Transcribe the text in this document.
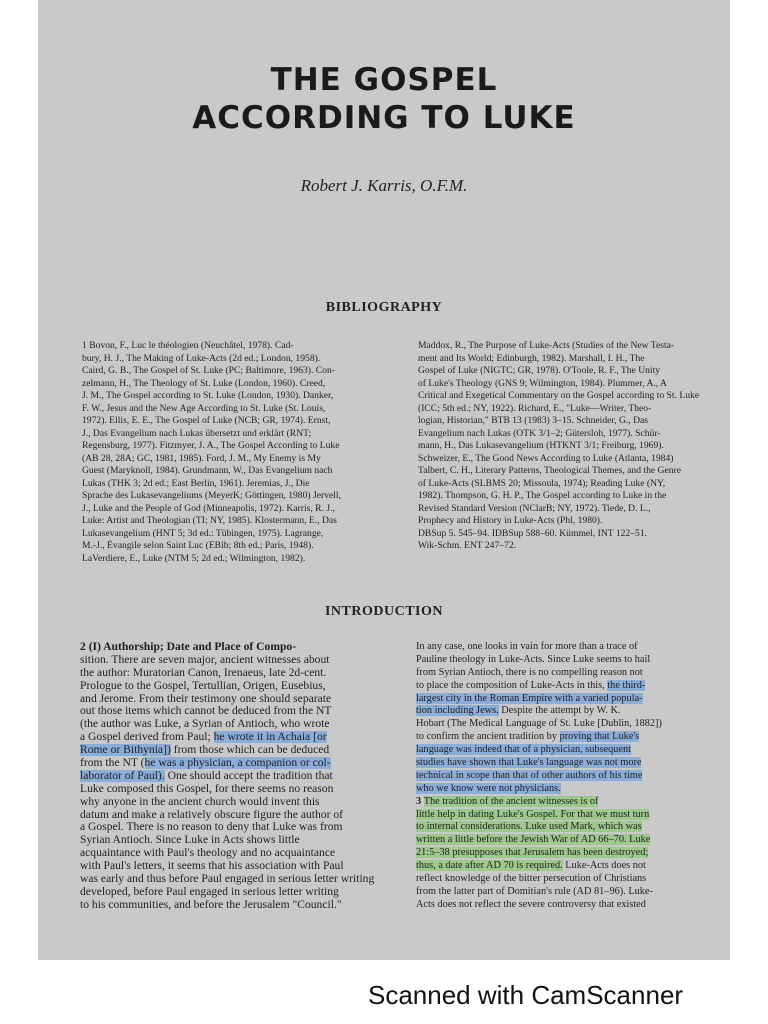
THE GOSPEL
ACCORDING TO LUKE
Robert J. Karris, O.F.M.
BIBLIOGRAPHY
1 Bovon, F., Luc le théologien (Neuchâtel, 1978). Cad-
bury, H. J., The Making of Luke-Acts (2d ed.; London, 1958).
Caird, G. B., The Gospel of St. Luke (PC; Baltimore, 1963). Con-
zelmann, H., The Theology of St. Luke (London, 1960). Creed,
J. M., The Gospel according to St. Luke (London, 1930). Danker,
F. W., Jesus and the New Age According to St. Luke (St. Louis,
1972). Ellis, E. E., The Gospel of Luke (NCB; GR, 1974). Ernst,
J., Das Evangelium nach Lukas übersetzt und erklärt (RNT;
Regensburg, 1977). Fitzmyer, J. A., The Gospel According to Luke
(AB 28, 28A; GC, 1981, 1985). Ford, J. M., My Enemy is My
Guest (Maryknoll, 1984). Grundmann, W., Das Evangelium nach
Lukas (THK 3; 2d ed.; East Berlin, 1961). Jeremias, J., Die
Sprache des Lukasevangeliums (MeyerK; Göttingen, 1980) Jervell,
J., Luke and the People of God (Minneapolis, 1972). Karris, R. J.,
Luke: Artist and Theologian (TI; NY, 1985). Klostermann, E., Das
Lukasevangelium (HNT 5; 3d ed.: Tübingen, 1975). Lagrange,
M.-J., Évangile selon Saint Luc (EBib; 8th ed.; Paris, 1948).
LaVerdiere, E., Luke (NTM 5; 2d ed.; Wilmington, 1982).
Maddox, R., The Purpose of Luke-Acts (Studies of the New Testa-
ment and Its World; Edinburgh, 1982). Marshall, I. H., The
Gospel of Luke (NIGTC; GR, 1978). O'Toole, R. F., The Unity
of Luke's Theology (GNS 9; Wilmington, 1984). Plummer, A., A
Critical and Exegetical Commentary on the Gospel according to St. Luke
(ICC; 5th ed.; NY, 1922). Richard, E., "Luke—Writer, Theo-
logian, Historian," BTB 13 (1983) 3–15. Schneider, G., Das
Evangelium nach Lukas (OTK 3/1–2; Gütersloh, 1977). Schür-
mann, H., Das Lukasevangelium (HTKNT 3/1; Freiburg, 1969).
Schweizer, E., The Good News According to Luke (Atlanta, 1984)
Talbert, C. H., Literary Patterns, Theological Themes, and the Genre
of Luke-Acts (SLBMS 20; Missoula, 1974); Reading Luke (NY,
1982). Thompson, G. H. P., The Gospel according to Luke in the
Revised Standard Version (NClarB; NY, 1972). Tiede, D. L.,
Prophecy and History in Luke-Acts (Phl, 1980).
DBSup 5. 545–94. IDBSup 588–60. Kümmel, INT 122–51.
Wik-Schm. ENT 247–72.
INTRODUCTION
2 (I) Authorship; Date and Place of Compo-
sition. There are seven major, ancient witnesses about
the author: Muratorian Canon, Irenaeus, late 2d-cent.
Prologue to the Gospel, Tertullian, Origen, Eusebius,
and Jerome. From their testimony one should separate
out those items which cannot be deduced from the NT
(the author was Luke, a Syrian of Antioch, who wrote
a Gospel derived from Paul; he wrote it in Achaia [or
Rome or Bithynia]) from those which can be deduced
from the NT (he was a physician, a companion or col-
laborator of Paul). One should accept the tradition that
Luke composed this Gospel, for there seems no reason
why anyone in the ancient church would invent this
datum and make a relatively obscure figure the author of
a Gospel. There is no reason to deny that Luke was from
Syrian Antioch. Since Luke in Acts shows little
acquaintance with Paul's theology and no acquaintance
with Paul's letters, it seems that his association with Paul
was early and thus before Paul engaged in serious letter writing
developed, before Paul engaged in serious letter writing
to his communities, and before the Jerusalem "Council."
In any case, one looks in vain for more than a trace of
Pauline theology in Luke-Acts. Since Luke seems to hail
from Syrian Antioch, there is no compelling reason not
to place the composition of Luke-Acts in this, the third-
largest city in the Roman Empire with a varied popula-
tion including Jews. Despite the attempt by W. K.
Hobart (The Medical Language of St. Luke [Dublin, 1882])
to confirm the ancient tradition by proving that Luke's
language was indeed that of a physician, subsequent
studies have shown that Luke's language was not more
technical in scope than that of other authors of his time
who we know were not physicians.
3 The tradition of the ancient witnesses is of
little help in dating Luke's Gospel. For that we must turn
to internal considerations. Luke used Mark, which was
written a little before the Jewish War of AD 66–70. Luke
21:5–38 presupposes that Jerusalem has been destroyed;
thus, a date after AD 70 is required. Luke-Acts does not
reflect knowledge of the bitter persecution of Christians
from the latter part of Domitian's rule (AD 81–96). Luke-
Acts does not reflect the severe controversy that existed
Scanned with CamScanner
